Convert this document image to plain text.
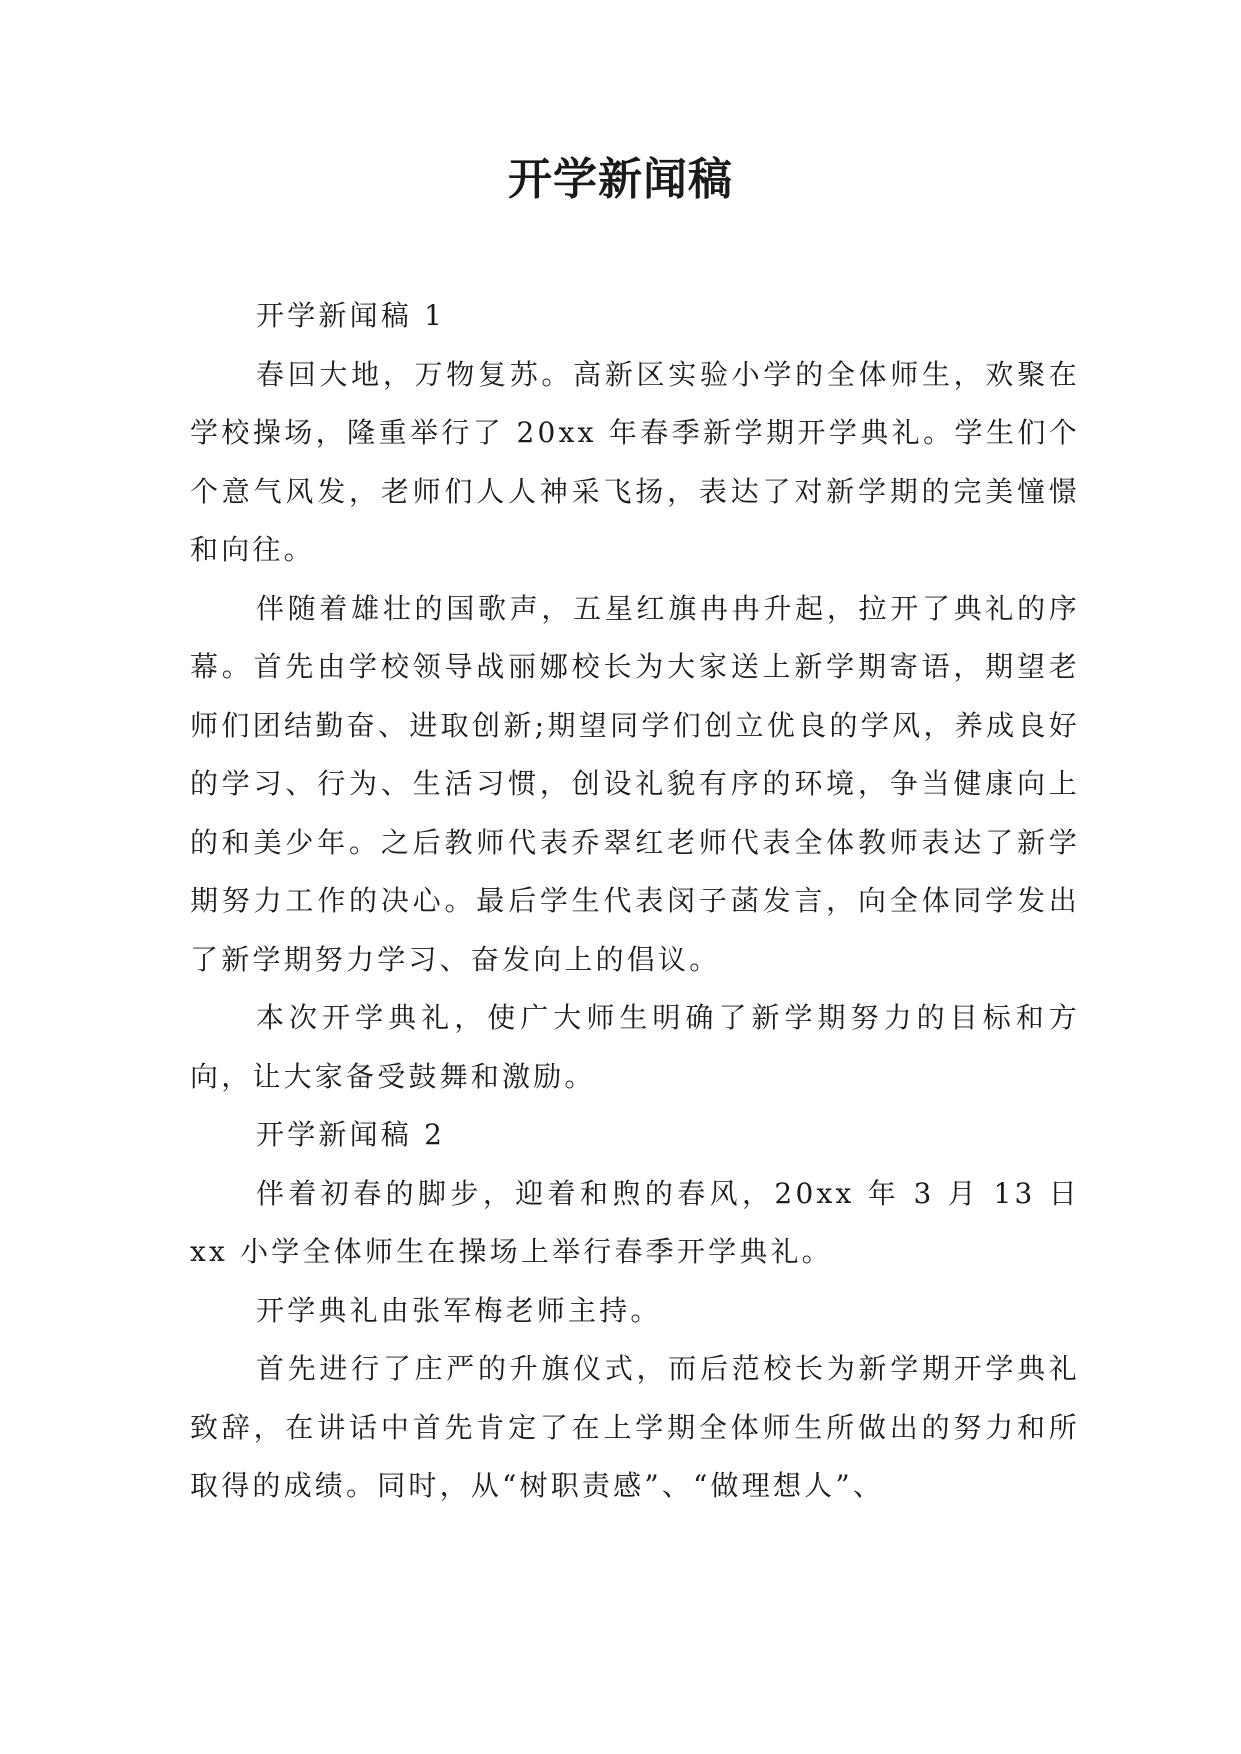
开学新闻稿

开学新闻稿 1

春回大地，万物复苏。高新区实验小学的全体师生，欢聚在学校操场，隆重举行了 20xx 年春季新学期开学典礼。学生们个个意气风发，老师们人人神采飞扬，表达了对新学期的完美憧憬和向往。

伴随着雄壮的国歌声，五星红旗冉冉升起，拉开了典礼的序幕。首先由学校领导战丽娜校长为大家送上新学期寄语，期望老师们团结勤奋、进取创新;期望同学们创立优良的学风，养成良好的学习、行为、生活习惯，创设礼貌有序的环境，争当健康向上的和美少年。之后教师代表乔翠红老师代表全体教师表达了新学期努力工作的决心。最后学生代表闵子菡发言，向全体同学发出了新学期努力学习、奋发向上的倡议。

本次开学典礼，使广大师生明确了新学期努力的目标和方向，让大家备受鼓舞和激励。

开学新闻稿 2

伴着初春的脚步，迎着和煦的春风，20xx 年 3 月 13 日 xx 小学全体师生在操场上举行春季开学典礼。

开学典礼由张军梅老师主持。

首先进行了庄严的升旗仪式，而后范校长为新学期开学典礼致辞，在讲话中首先肯定了在上学期全体师生所做出的努力和所取得的成绩。同时，从“树职责感”、“做理想人”、
